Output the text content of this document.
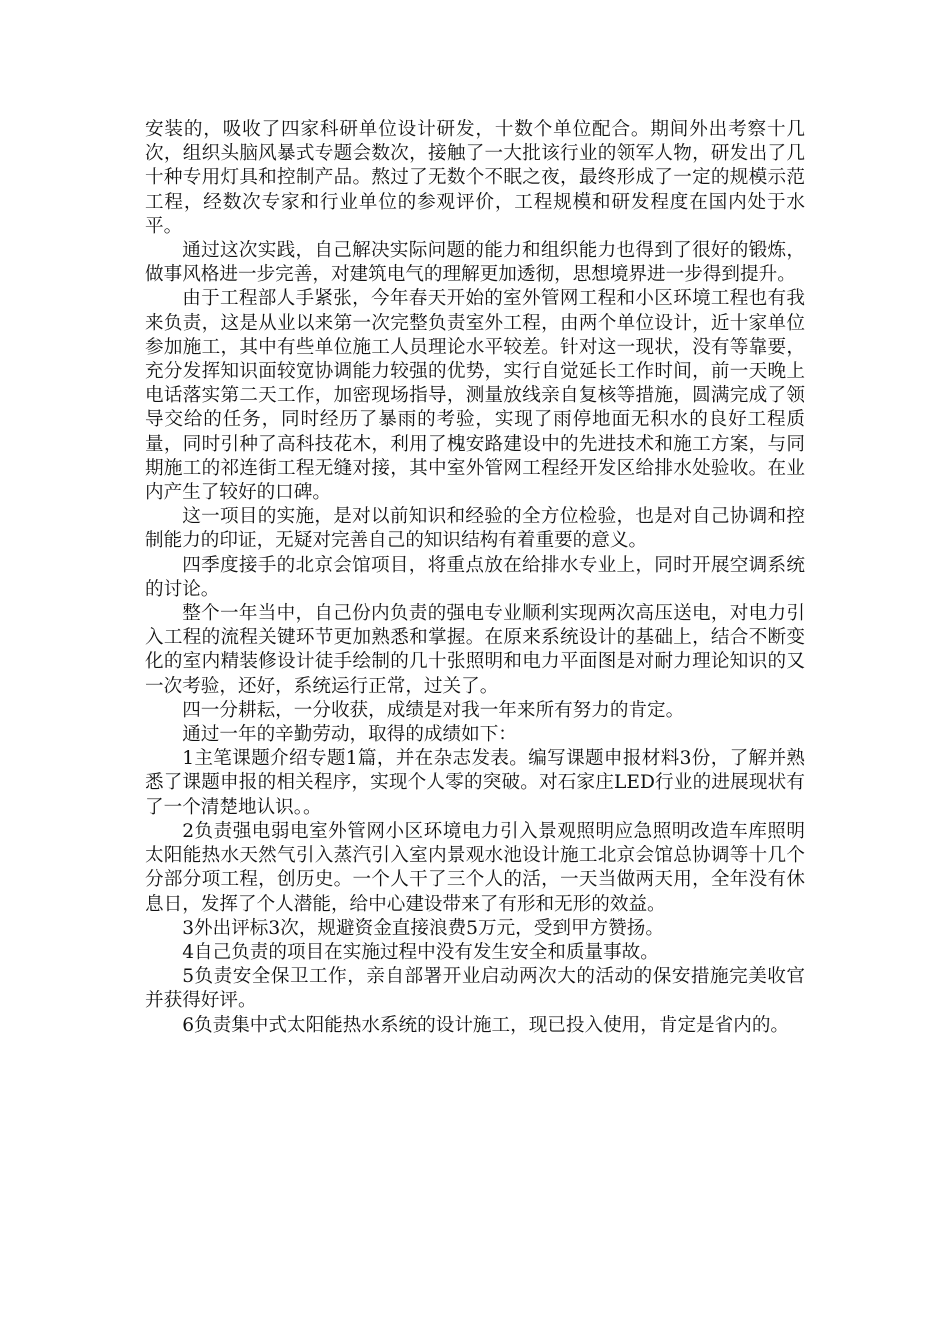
安装的，吸收了四家科研单位设计研发，十数个单位配合。期间外出考察十几次，组织头脑风暴式专题会数次，接触了一大批该行业的领军人物，研发出了几十种专用灯具和控制产品。熬过了无数个不眠之夜，最终形成了一定的规模示范工程，经数次专家和行业单位的参观评价，工程规模和研发程度在国内处于水平。

通过这次实践，自己解决实际问题的能力和组织能力也得到了很好的锻炼，做事风格进一步完善，对建筑电气的理解更加透彻，思想境界进一步得到提升。

由于工程部人手紧张，今年春天开始的室外管网工程和小区环境工程也有我来负责，这是从业以来第一次完整负责室外工程，由两个单位设计，近十家单位参加施工，其中有些单位施工人员理论水平较差。针对这一现状，没有等靠要，充分发挥知识面较宽协调能力较强的优势，实行自觉延长工作时间，前一天晚上电话落实第二天工作，加密现场指导，测量放线亲自复核等措施，圆满完成了领导交给的任务，同时经历了暴雨的考验，实现了雨停地面无积水的良好工程质量，同时引种了高科技花木，利用了槐安路建设中的先进技术和施工方案，与同期施工的祁连街工程无缝对接，其中室外管网工程经开发区给排水处验收。在业内产生了较好的口碑。

这一项目的实施，是对以前知识和经验的全方位检验，也是对自己协调和控制能力的印证，无疑对完善自己的知识结构有着重要的意义。

四季度接手的北京会馆项目，将重点放在给排水专业上，同时开展空调系统的讨论。

整个一年当中，自己份内负责的强电专业顺利实现两次高压送电，对电力引入工程的流程关键环节更加熟悉和掌握。在原来系统设计的基础上，结合不断变化的室内精装修设计徒手绘制的几十张照明和电力平面图是对耐力理论知识的又一次考验，还好，系统运行正常，过关了。

四一分耕耘，一分收获，成绩是对我一年来所有努力的肯定。

通过一年的辛勤劳动，取得的成绩如下：

1主笔课题介绍专题1篇，并在杂志发表。编写课题申报材料3份，了解并熟悉了课题申报的相关程序，实现个人零的突破。对石家庄LED行业的进展现状有了一个清楚地认识。。

2负责强电弱电室外管网小区环境电力引入景观照明应急照明改造车库照明太阳能热水天然气引入蒸汽引入室内景观水池设计施工北京会馆总协调等十几个分部分项工程，创历史。一个人干了三个人的活，一天当做两天用，全年没有休息日，发挥了个人潜能，给中心建设带来了有形和无形的效益。

3外出评标3次，规避资金直接浪费5万元，受到甲方赞扬。

4自己负责的项目在实施过程中没有发生安全和质量事故。

5负责安全保卫工作，亲自部署开业启动两次大的活动的保安措施完美收官并获得好评。

6负责集中式太阳能热水系统的设计施工，现已投入使用，肯定是省内的。
